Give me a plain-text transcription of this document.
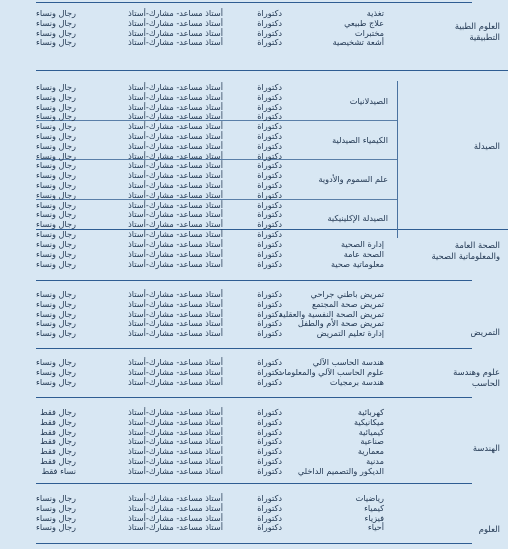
العلوم الطبية
التطبيقية
تغذية
دكتوراة
أستاذ مساعد- مشارك-أستاذ
رجال ونساء
علاج طبيعي
دكتوراة
أستاذ مساعد- مشارك-أستاذ
رجال ونساء
مختبرات
دكتوراة
أستاذ مساعد- مشارك-أستاذ
رجال ونساء
أشعة تشخيصية
دكتوراة
أستاذ مساعد- مشارك-أستاذ
رجال ونساء
الصيدلة
الصيدلانيات
الكيمياء الصيدلية
علم السموم والأدوية
الصيدلة الإكلينيكية
دكتوراة
أستاذ مساعد- مشارك-أستاذ
رجال ونساء
دكتوراة
أستاذ مساعد- مشارك-أستاذ
رجال ونساء
دكتوراة
أستاذ مساعد- مشارك-أستاذ
رجال ونساء
دكتوراة
أستاذ مساعد- مشارك-أستاذ
رجال ونساء
دكتوراة
أستاذ مساعد- مشارك-أستاذ
رجال ونساء
دكتوراة
أستاذ مساعد- مشارك-أستاذ
رجال ونساء
دكتوراة
أستاذ مساعد- مشارك-أستاذ
رجال ونساء
دكتوراة
أستاذ مساعد- مشارك-أستاذ
رجال ونساء
دكتوراة
أستاذ مساعد- مشارك-أستاذ
رجال ونساء
دكتوراة
أستاذ مساعد- مشارك-أستاذ
رجال ونساء
دكتوراة
أستاذ مساعد- مشارك-أستاذ
رجال ونساء
دكتوراة
أستاذ مساعد- مشارك-أستاذ
رجال ونساء
دكتوراة
أستاذ مساعد- مشارك-أستاذ
رجال ونساء
دكتوراة
أستاذ مساعد- مشارك-أستاذ
رجال ونساء
دكتوراة
أستاذ مساعد- مشارك-أستاذ
رجال ونساء
دكتوراة
أستاذ مساعد- مشارك-أستاذ
رجال ونساء
الصحة العامة
والمعلوماتية الصحية
إدارة الصحية
دكتوراة
أستاذ مساعد- مشارك-أستاذ
رجال ونساء
الصحة عامة
دكتوراة
أستاذ مساعد- مشارك-أستاذ
رجال ونساء
معلوماتية صحية
دكتوراة
أستاذ مساعد- مشارك-أستاذ
رجال ونساء
التمريض
تمريض باطني جراحي
دكتوراة
أستاذ مساعد- مشارك-أستاذ
رجال ونساء
تمريض صحة المجتمع
دكتوراة
أستاذ مساعد- مشارك-أستاذ
رجال ونساء
تمريض الصحة النفسية والعقلية
دكتوراة
أستاذ مساعد- مشارك-أستاذ
رجال ونساء
تمريض صحة الأم والطفل
دكتوراة
أستاذ مساعد- مشارك-أستاذ
رجال ونساء
إدارة تعليم التمريض
دكتوراة
أستاذ مساعد- مشارك-أستاذ
رجال ونساء
علوم وهندسة
الحاسب
هندسة الحاسب الآلي
دكتوراة
أستاذ مساعد- مشارك-أستاذ
رجال ونساء
علوم الحاسب الآلي والمعلومات
دكتوراة
أستاذ مساعد- مشارك-أستاذ
رجال ونساء
هندسة برمجيات
دكتوراة
أستاذ مساعد- مشارك-أستاذ
رجال ونساء
الهندسة
كهربائية
دكتوراة
أستاذ مساعد- مشارك-أستاذ
رجال فقط
ميكانيكية
دكتوراة
أستاذ مساعد- مشارك-أستاذ
رجال فقط
كيميائية
دكتوراة
أستاذ مساعد- مشارك-أستاذ
رجال فقط
صناعية
دكتوراة
أستاذ مساعد- مشارك-أستاذ
رجال فقط
معمارية
دكتوراة
أستاذ مساعد- مشارك-أستاذ
رجال فقط
مدنية
دكتوراة
أستاذ مساعد- مشارك-أستاذ
رجال فقط
الديكور والتصميم الداخلي
دكتوراة
أستاذ مساعد- مشارك-أستاذ
نساء فقط
العلوم
رياضيات
دكتوراة
أستاذ مساعد- مشارك-أستاذ
رجال ونساء
كيمياء
دكتوراة
أستاذ مساعد- مشارك-أستاذ
رجال ونساء
فيزياء
دكتوراة
أستاذ مساعد- مشارك-أستاذ
رجال ونساء
أحياء
دكتوراة
أستاذ مساعد- مشارك-أستاذ
رجال ونساء
